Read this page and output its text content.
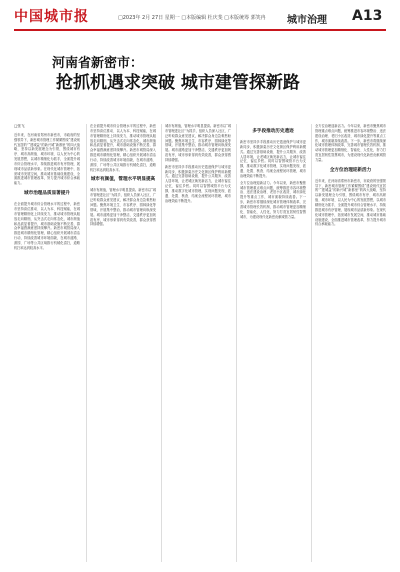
中国城市报	□2023年 2月 27日 星期一 □本版编辑 杜庆斐 □本版统筹 郭笑冉 城市治理 A13
河南省新密市：
抢抓机遇求突破 城市建管探新路
□张飞

近年来，在河南省郑州市新密市，市政府的坚强领导下，新密城市管理工作紧紧围绕“建设现代宜居的”“建城益”的新兴城“新都里”的四大战略，坚持以新发展理念为引领，围绕城市有序、城市高颜值、城市环境、以人民为中心的发展思想，以城市精细化为抓手，全面提升城市综合管理水平，持续推进城市有序管理，展现城市品质新形象。在现代化城市管理中，拓宽城市发展空间，推动城市基础设施建设，全面推进城市管理改革，努力提升城市综合承载能力。

城市治理品质显著提升

在全面提升城市综合管理水平的过程中，新密市坚持高位推动、以人为本、科技赋能，在城市管理精细化上持续发力，推动城市管理从粗放走向精细，从突击式走向常态化，城市颜值和品质显著提升，城市基础设施不断完善，群众幸福感满意度持续攀升。新密市城管局深入推进城市精细化管理，精心组织开展城市清洁行动，持续改善城市环境面貌，在城市道路、游园、广场等公共区域推行机械化清扫，道路机扫率达到较高水平。

在全面提升城市综合管理水平的过程中，新密市坚持高位推动、以人为本、科技赋能，在城市管理精细化上持续发力，推动城市管理从粗放走向精细，从突击式走向常态化，城市颜值和品质显著提升，城市基础设施不断完善，群众幸福感满意度持续攀升。新密市城管局深入推进城市精细化管理，精心组织开展城市清洁行动，持续改善城市环境面貌，在城市道路、游园、广场等公共区域推行机械化清扫，道路机扫率达到较高水平。

城市有颜值，管理水平明显提高

城市有颜值，管理水平明显提高。新密市以“城市管理进社区”为抓手，组织人员深入社区，广泛听取群众意见建议，解决群众身边急难愁盼问题。聚焦环境卫生、市容秩序、园林绿化等领域，开展集中整治，推动城市管理向纵深发展。城市道路更加干净整洁，交通秩序更加规范有序，城市形象得到有效改善，群众获得感持续增强。

城市有颜值，管理水平明显提高。新密市以“城市管理进社区”为抓手，组织人员深入社区，广泛听取群众意见建议，解决群众身边急难愁盼问题。聚焦环境卫生、市容秩序、园林绿化等领域，开展集中整治，推动城市管理向纵深发展。城市道路更加干净整洁，交通秩序更加规范有序，城市形象得到有效改善，群众获得感持续增强。

新密市坚持多手段推动历史遗迹保护与城市更新同步，积极探索历史文化街区保护利用新模式。通过完善基础设施、提升公共服务、改善人居环境，让老城区焕发新活力，让城市留住记忆、留住乡愁。同时以智慧城管平台为支撑，推动数字化城市管理，实现问题发现、派遣、处置、核查、结案全流程闭环管理，城市治理效能不断提升。

多手段推动历史遗迹

新密市坚持多手段推动历史遗迹保护与城市更新同步，积极探索历史文化街区保护利用新模式。通过完善基础设施、提升公共服务、改善人居环境，让老城区焕发新活力，让城市留住记忆、留住乡愁。同时以智慧城管平台为支撑，推动数字化城市管理，实现问题发现、派遣、处置、核查、结案全流程闭环管理，城市治理效能不断提升。

全方位治理迎新活力。今年以来，新密市聚焦城市管理重点难点问题，统筹推进市容环境整治、违法建设治理、老旧小区改造、城市绿化提升等重点工作，城市面貌持续改善。下一步，新密市将继续深化城市管理体制改革，完善城市管理长效机制，推动城市管理更加精细化、智能化、人性化，努力打造宜居韧性智慧城市，为建设现代化新密贡献城管力量。

全方位治理迎新活力。今年以来，新密市聚焦城市管理重点难点问题，统筹推进市容环境整治、违法建设治理、老旧小区改造、城市绿化提升等重点工作，城市面貌持续改善。下一步，新密市将继续深化城市管理体制改革，完善城市管理长效机制，推动城市管理更加精细化、智能化、人性化，努力打造宜居韧性智慧城市，为建设现代化新密贡献城管力量。

全方位治理迎新活力

近年来，在河南省郑州市新密市，市政府的坚强领导下，新密城市管理工作紧紧围绕“建设现代宜居的”“建城益”的新兴城“新都里”的四大战略，坚持以新发展理念为引领，围绕城市有序、城市高颜值、城市环境、以人民为中心的发展思想，以城市精细化为抓手，全面提升城市综合管理水平，持续推进城市有序管理，展现城市品质新形象。在现代化城市管理中，拓宽城市发展空间，推动城市基础设施建设，全面推进城市管理改革，努力提升城市综合承载能力。
